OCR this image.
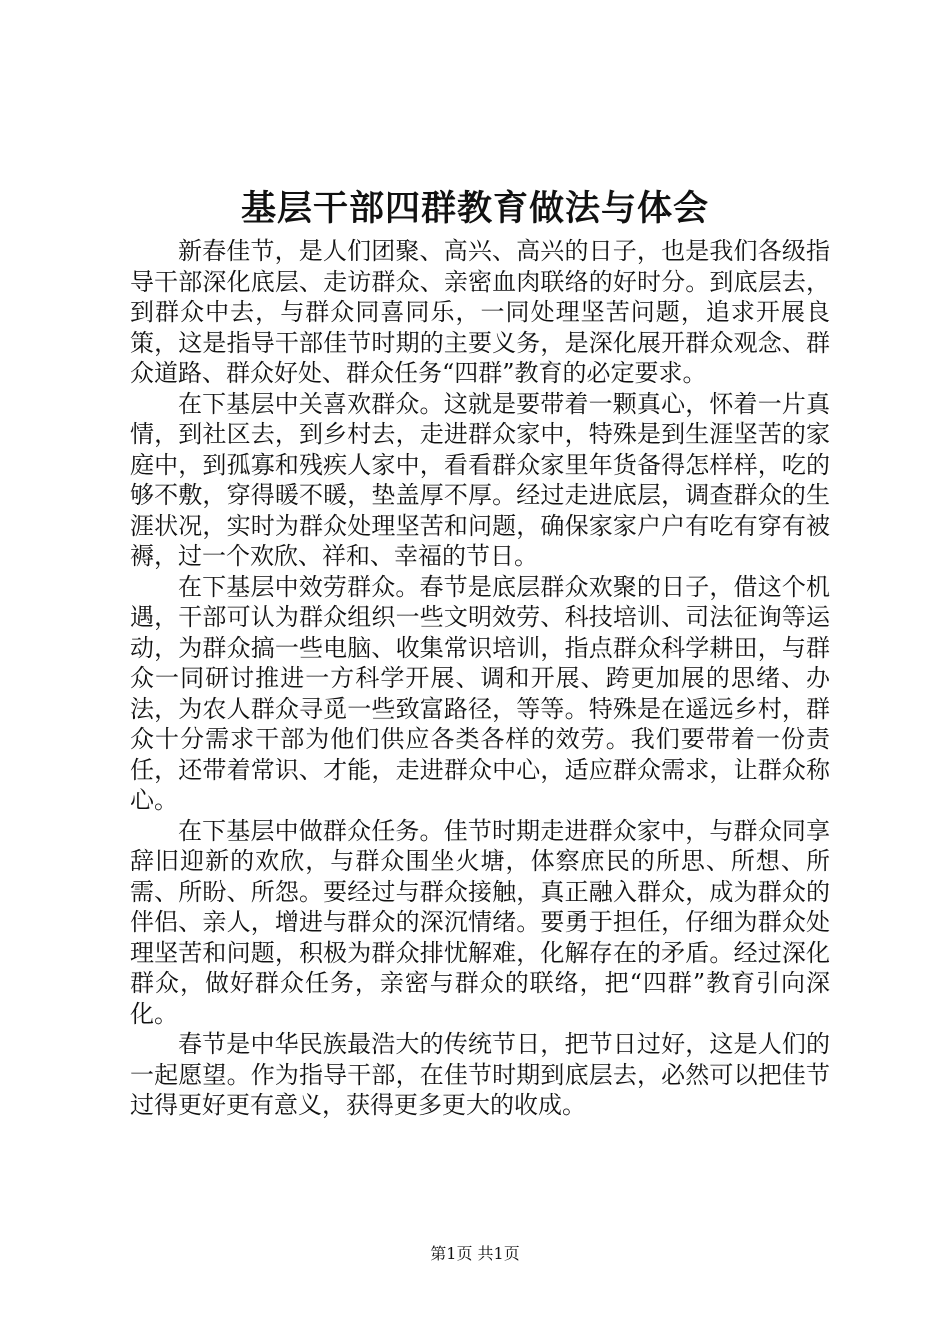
基层干部四群教育做法与体会

新春佳节，是人们团聚、高兴、高兴的日子，也是我们各级指导干部深化底层、走访群众、亲密血肉联络的好时分。到底层去，到群众中去，与群众同喜同乐，一同处理坚苦问题，追求开展良策，这是指导干部佳节时期的主要义务，是深化展开群众观念、群众道路、群众好处、群众任务“四群”教育的必定要求。

在下基层中关喜欢群众。这就是要带着一颗真心，怀着一片真情，到社区去，到乡村去，走进群众家中，特殊是到生涯坚苦的家庭中，到孤寡和残疾人家中，看看群众家里年货备得怎样样，吃的够不敷，穿得暖不暖，垫盖厚不厚。经过走进底层，调查群众的生涯状况，实时为群众处理坚苦和问题，确保家家户户有吃有穿有被褥，过一个欢欣、祥和、幸福的节日。

在下基层中效劳群众。春节是底层群众欢聚的日子，借这个机遇，干部可认为群众组织一些文明效劳、科技培训、司法征询等运动，为群众搞一些电脑、收集常识培训，指点群众科学耕田，与群众一同研讨推进一方科学开展、调和开展、跨更加展的思绪、办法，为农人群众寻觅一些致富路径，等等。特殊是在遥远乡村，群众十分需求干部为他们供应各类各样的效劳。我们要带着一份责任，还带着常识、才能，走进群众中心，适应群众需求，让群众称心。

在下基层中做群众任务。佳节时期走进群众家中，与群众同享辞旧迎新的欢欣，与群众围坐火塘，体察庶民的所思、所想、所需、所盼、所怨。要经过与群众接触，真正融入群众，成为群众的伴侣、亲人，增进与群众的深沉情绪。要勇于担任，仔细为群众处理坚苦和问题，积极为群众排忧解难，化解存在的矛盾。经过深化群众，做好群众任务，亲密与群众的联络，把“四群”教育引向深化。

春节是中华民族最浩大的传统节日，把节日过好，这是人们的一起愿望。作为指导干部，在佳节时期到底层去，必然可以把佳节过得更好更有意义，获得更多更大的收成。

第1页 共1页
